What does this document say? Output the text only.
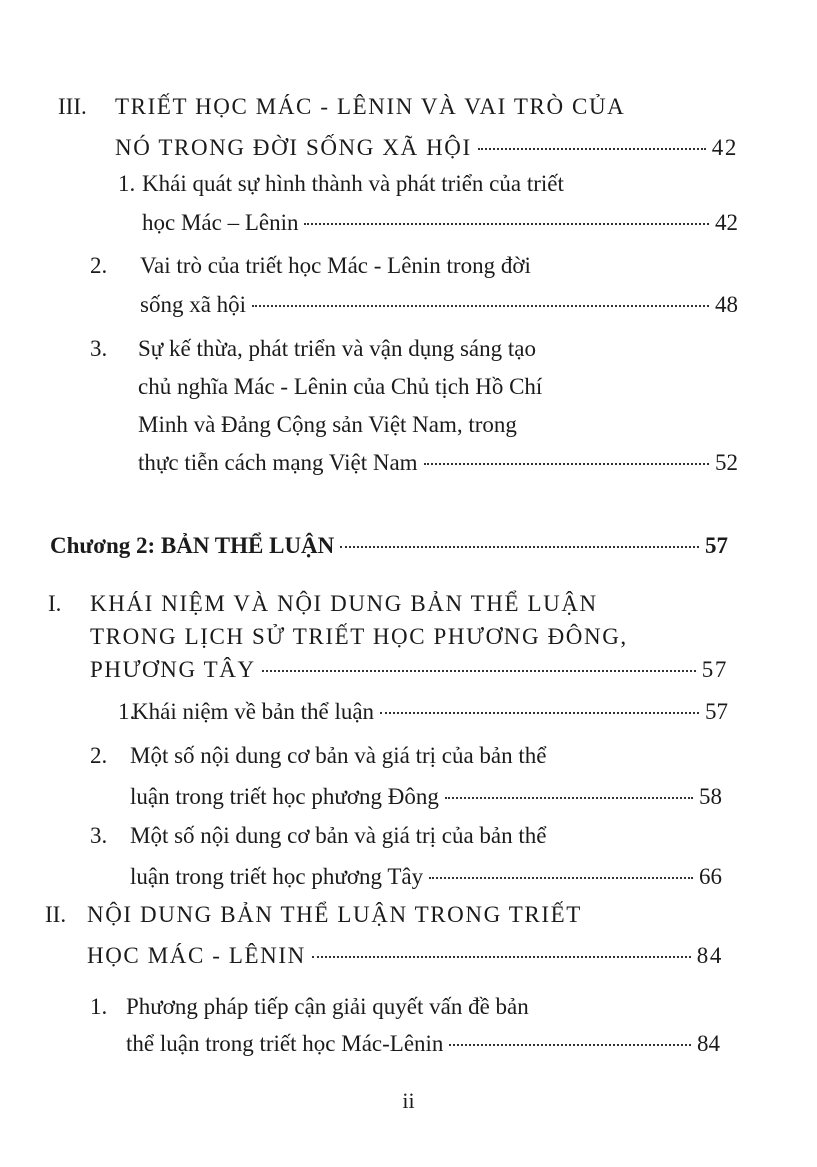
III. TRIẾT HỌC MÁC - LÊNIN VÀ VAI TRÒ CỦA
NÓ TRONG ĐỜI SỐNG XÃ HỘI	42
1. Khái quát sự hình thành và phát triển của triết
học Mác – Lênin	42
2. Vai trò của triết học Mác - Lênin trong đời
sống xã hội	48
3. Sự kế thừa, phát triển và vận dụng sáng tạo
chủ nghĩa Mác - Lênin của Chủ tịch Hồ Chí
Minh và Đảng Cộng sản Việt Nam, trong
thực tiễn cách mạng Việt Nam	52
Chương 2: BẢN THỂ LUẬN	57
I. KHÁI NIỆM VÀ NỘI DUNG BẢN THỂ LUẬN
TRONG LỊCH SỬ TRIẾT HỌC PHƯƠNG ĐÔNG,
PHƯƠNG TÂY	57
1.
Khái niệm về bản thể luận	57
2. Một số nội dung cơ bản và giá trị của bản thể
luận trong triết học phương Đông	58
3. Một số nội dung cơ bản và giá trị của bản thể
luận trong triết học phương Tây	66
II. NỘI DUNG BẢN THỂ LUẬN TRONG TRIẾT
HỌC MÁC - LÊNIN	84
1. Phương pháp tiếp cận giải quyết vấn đề bản
thể luận trong triết học Mác-Lênin	84
ii
